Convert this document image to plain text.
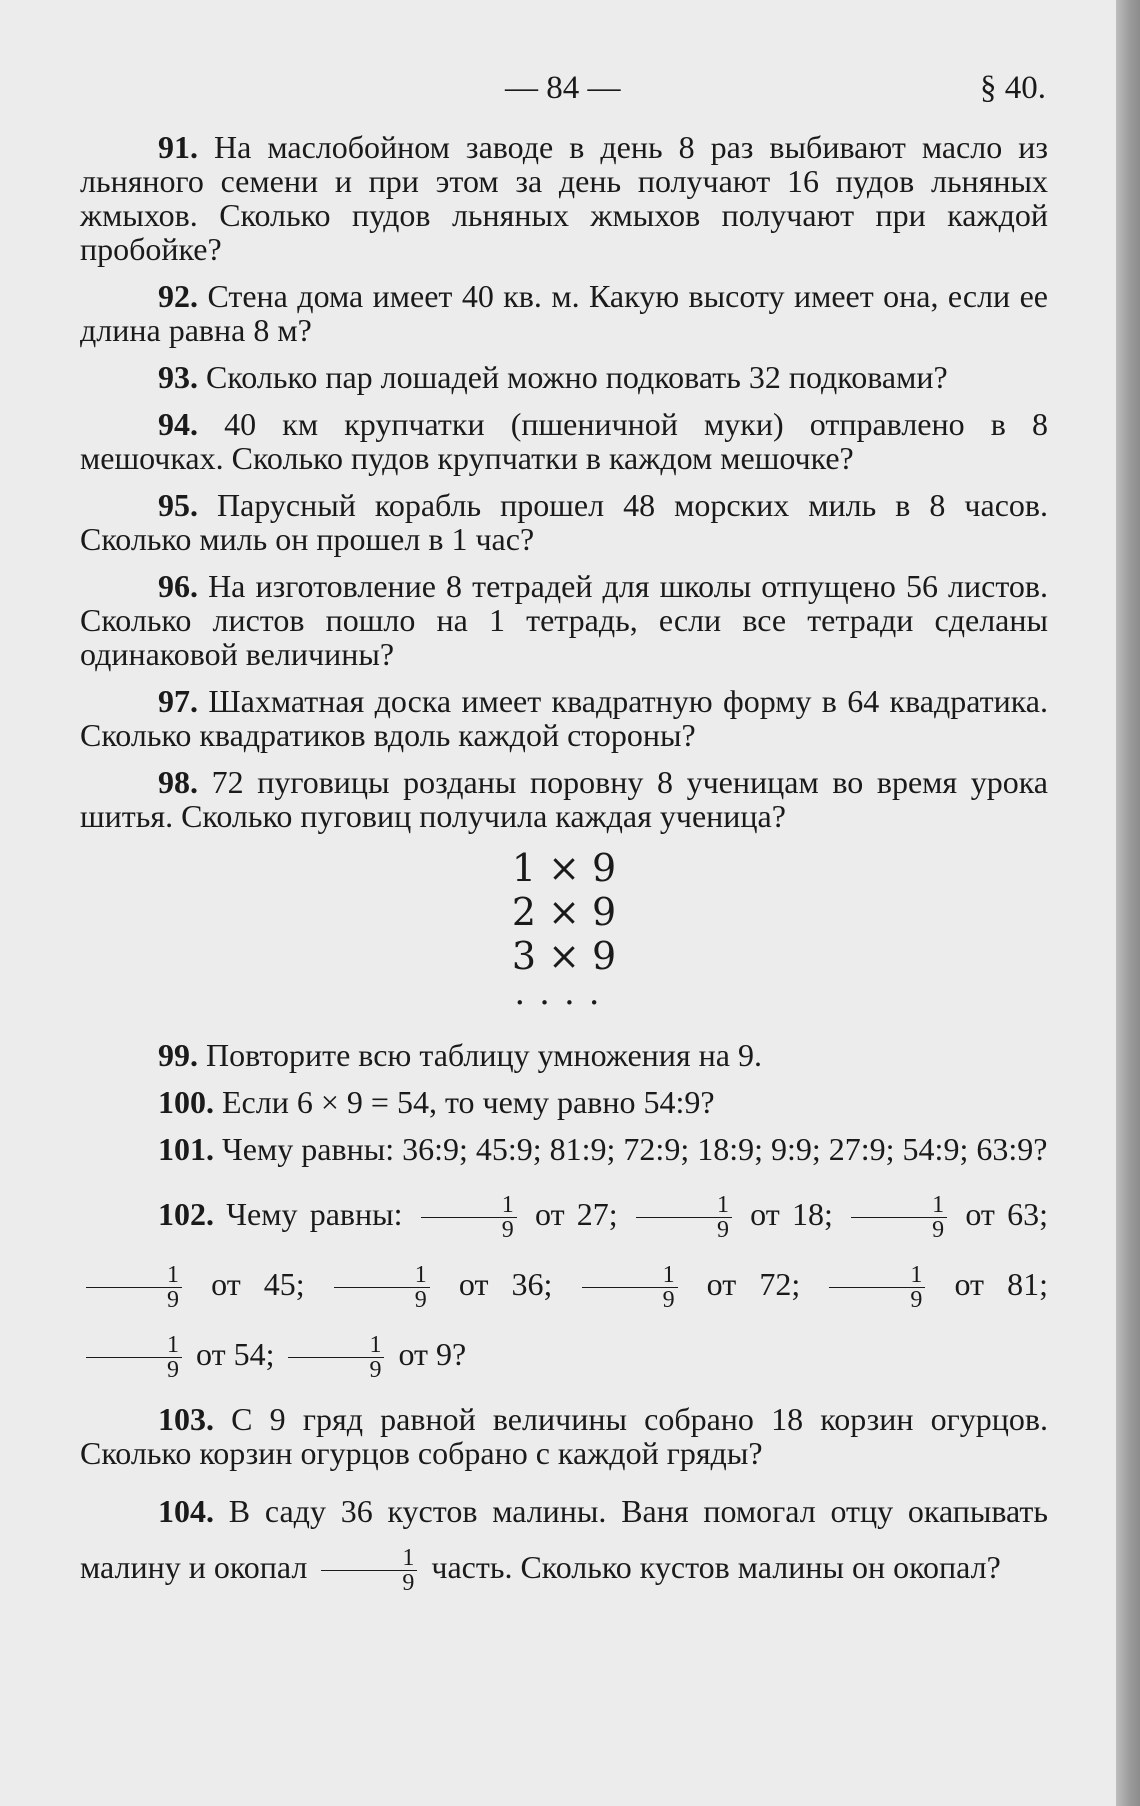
— 84 —	§ 40.

91. На маслобойном заводе в день 8 раз выбивают масло из льняного семени и при этом за день получают 16 пудов льняных жмыхов. Сколько пудов льняных жмыхов получают при каждой пробойке?

92. Стена дома имеет 40 кв. м. Какую высоту имеет она, если ее длина равна 8 м?

93. Сколько пар лошадей можно подковать 32 подковами?

94. 40 км крупчатки (пшеничной муки) отправлено в 8 мешочках. Сколько пудов крупчатки в каждом мешочке?

95. Парусный корабль прошел 48 морских миль в 8 часов. Сколько миль он прошел в 1 час?

96. На изготовление 8 тетрадей для школы отпущено 56 листов. Сколько листов пошло на 1 тетрадь, если все тетради сделаны одинаковой величины?

97. Шахматная доска имеет квадратную форму в 64 квадратика. Сколько квадратиков вдоль каждой стороны?

98. 72 пуговицы розданы поровну 8 ученицам во время урока шитья. Сколько пуговиц получила каждая ученица?

1 × 9
2 × 9
3 × 9
....

99. Повторите всю таблицу умножения на 9.

100. Если 6 × 9 = 54, то чему равно 54:9?

101. Чему равны: 36:9; 45:9; 81:9; 72:9; 18:9; 9:9; 27:9; 54:9; 63:9?

102. Чему равны: $\frac{1}{9}$ от 27; $\frac{1}{9}$ от 18; $\frac{1}{9}$ от 63;
$\frac{1}{9}$ от 45; $\frac{1}{9}$ от 36; $\frac{1}{9}$ от 72; $\frac{1}{9}$ от 81;
$\frac{1}{9}$ от 54; $\frac{1}{9}$ от 9?

103. С 9 гряд равной величины собрано 18 корзин огурцов. Сколько корзин огурцов собрано с каждой гряды?

104. В саду 36 кустов малины. Ваня помогал отцу окапывать малину и окопал $\frac{1}{9}$ часть. Сколько кустов малины он окопал?
